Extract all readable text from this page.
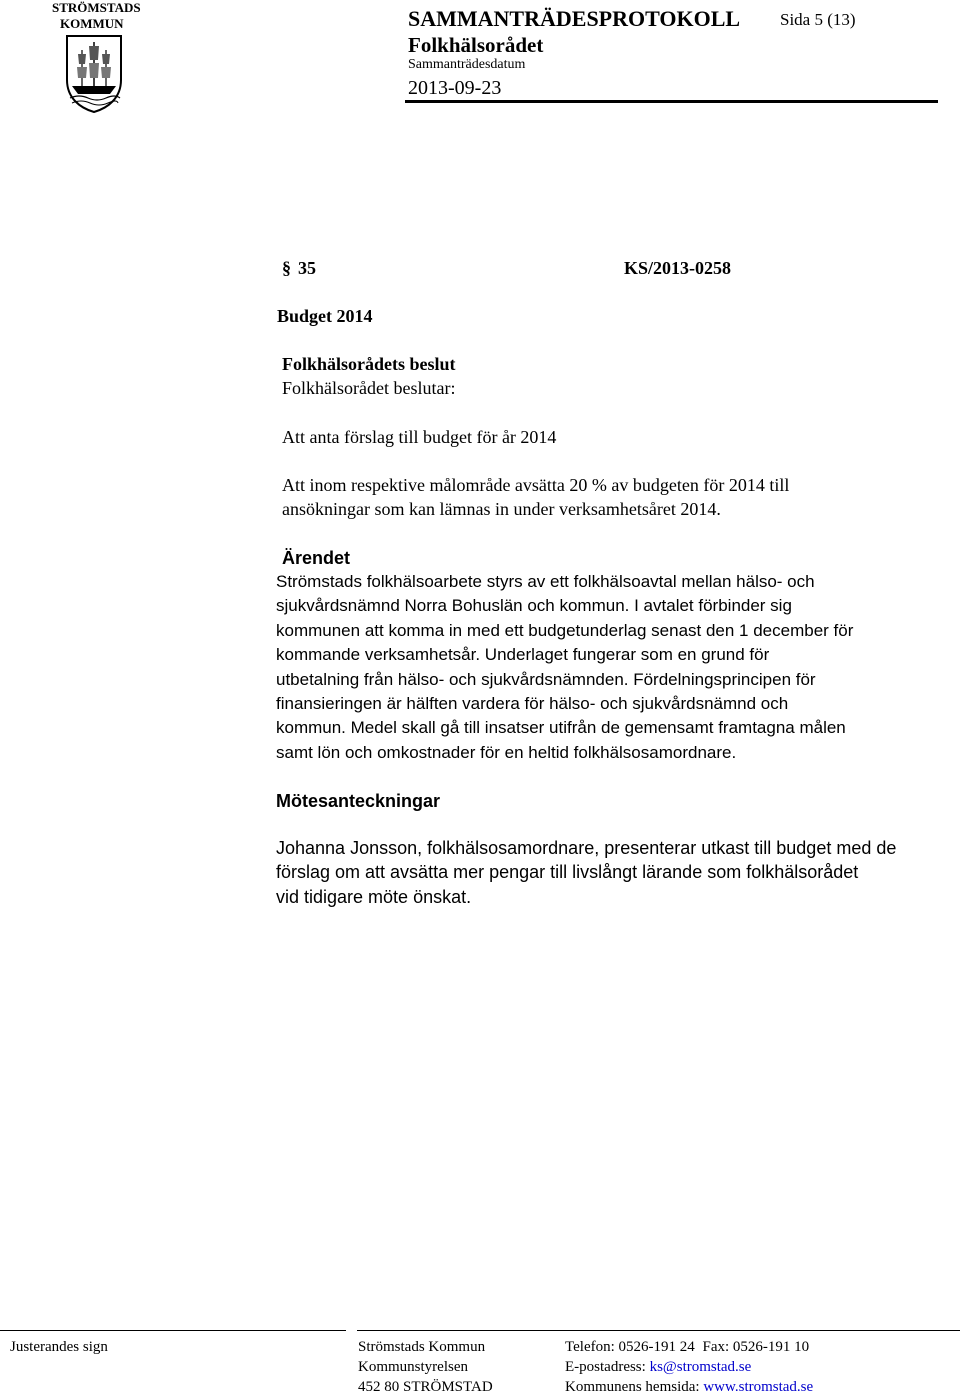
STRÖMSTADS
KOMMUN	SAMMANTRÄDESPROTOKOLL Sida 5 (13)
Folkhälsorådet
Sammanträdesdatum
2013-09-23
§ 35	KS/2013-0258
Budget 2014
Folkhälsorådets beslut
Folkhälsorådet beslutar:
Att anta förslag till budget för år 2014
Att inom respektive målområde avsätta 20 % av budgeten för 2014 till
ansökningar som kan lämnas in under verksamhetsåret 2014.
Ärendet

Strömstads folkhälsoarbete styrs av ett folkhälsoavtal mellan hälso- och

sjukvårdsnämnd Norra Bohuslän och kommun. I avtalet förbinder sig

kommunen att komma in med ett budgetunderlag senast den 1 december för

kommande verksamhetsår. Underlaget fungerar som en grund för

utbetalning från hälso- och sjukvårdsnämnden. Fördelningsprincipen för

finansieringen är hälften vardera för hälso- och sjukvårdsnämnd och

kommun. Medel skall gå till insatser utifrån de gemensamt framtagna målen

samt lön och omkostnader för en heltid folkhälsosamordnare.

Mötesanteckningar

Johanna Jonsson, folkhälsosamordnare, presenterar utkast till budget med de

förslag om att avsätta mer pengar till livslångt lärande som folkhälsorådet

vid tidigare möte önskat.

Justerandes sign	Strömstads Kommun
Kommunstyrelsen
452 80 STRÖMSTAD
Telefon: 0526-191 24 Fax: 0526-191 10
E-postadress: ks@stromstad.se
Kommunens hemsida: www.stromstad.se
